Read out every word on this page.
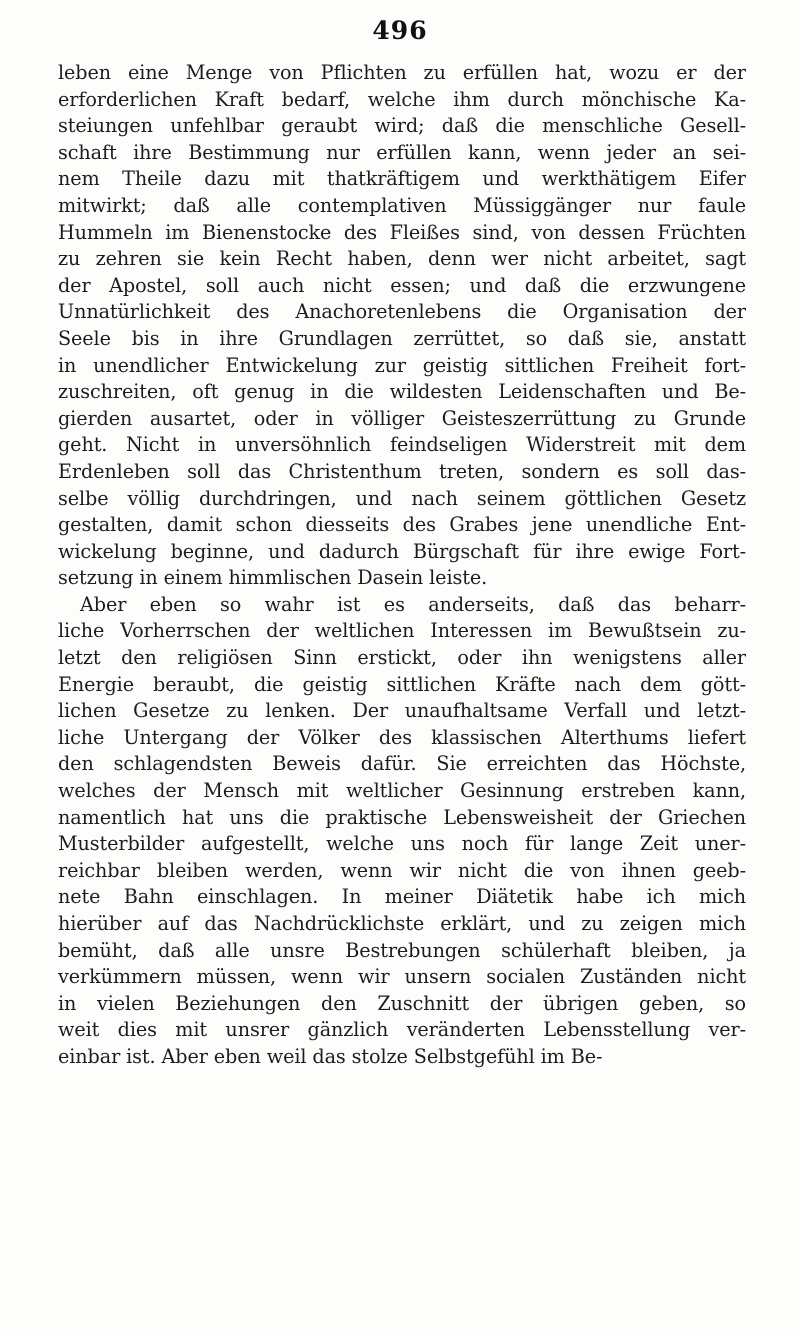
496
leben eine Menge von Pflichten zu erfüllen hat, wozu er der
erforderlichen Kraft bedarf, welche ihm durch mönchische Ka-
steiungen unfehlbar geraubt wird; daß die menschliche Gesell-
schaft ihre Bestimmung nur erfüllen kann, wenn jeder an sei-
nem Theile dazu mit thatkräftigem und werkthätigem Eifer
mitwirkt; daß alle contemplativen Müssiggänger nur faule
Hummeln im Bienenstocke des Fleißes sind, von dessen Früchten
zu zehren sie kein Recht haben, denn wer nicht arbeitet, sagt
der Apostel, soll auch nicht essen; und daß die erzwungene
Unnatürlichkeit des Anachoretenlebens die Organisation der
Seele bis in ihre Grundlagen zerrüttet, so daß sie, anstatt
in unendlicher Entwickelung zur geistig sittlichen Freiheit fort-
zuschreiten, oft genug in die wildesten Leidenschaften und Be-
gierden ausartet, oder in völliger Geisteszerrüttung zu Grunde
geht. Nicht in unversöhnlich feindseligen Widerstreit mit dem
Erdenleben soll das Christenthum treten, sondern es soll das-
selbe völlig durchdringen, und nach seinem göttlichen Gesetz
gestalten, damit schon diesseits des Grabes jene unendliche Ent-
wickelung beginne, und dadurch Bürgschaft für ihre ewige Fort-
setzung in einem himmlischen Dasein leiste.
Aber eben so wahr ist es anderseits, daß das beharr-
liche Vorherrschen der weltlichen Interessen im Bewußtsein zu-
letzt den religiösen Sinn erstickt, oder ihn wenigstens aller
Energie beraubt, die geistig sittlichen Kräfte nach dem gött-
lichen Gesetze zu lenken. Der unaufhaltsame Verfall und letzt-
liche Untergang der Völker des klassischen Alterthums liefert
den schlagendsten Beweis dafür. Sie erreichten das Höchste,
welches der Mensch mit weltlicher Gesinnung erstreben kann,
namentlich hat uns die praktische Lebensweisheit der Griechen
Musterbilder aufgestellt, welche uns noch für lange Zeit uner-
reichbar bleiben werden, wenn wir nicht die von ihnen geeb-
nete Bahn einschlagen. In meiner Diätetik habe ich mich
hierüber auf das Nachdrücklichste erklärt, und zu zeigen mich
bemüht, daß alle unsre Bestrebungen schülerhaft bleiben, ja
verkümmern müssen, wenn wir unsern socialen Zuständen nicht
in vielen Beziehungen den Zuschnitt der übrigen geben, so
weit dies mit unsrer gänzlich veränderten Lebensstellung ver-
einbar ist. Aber eben weil das stolze Selbstgefühl im Be-
